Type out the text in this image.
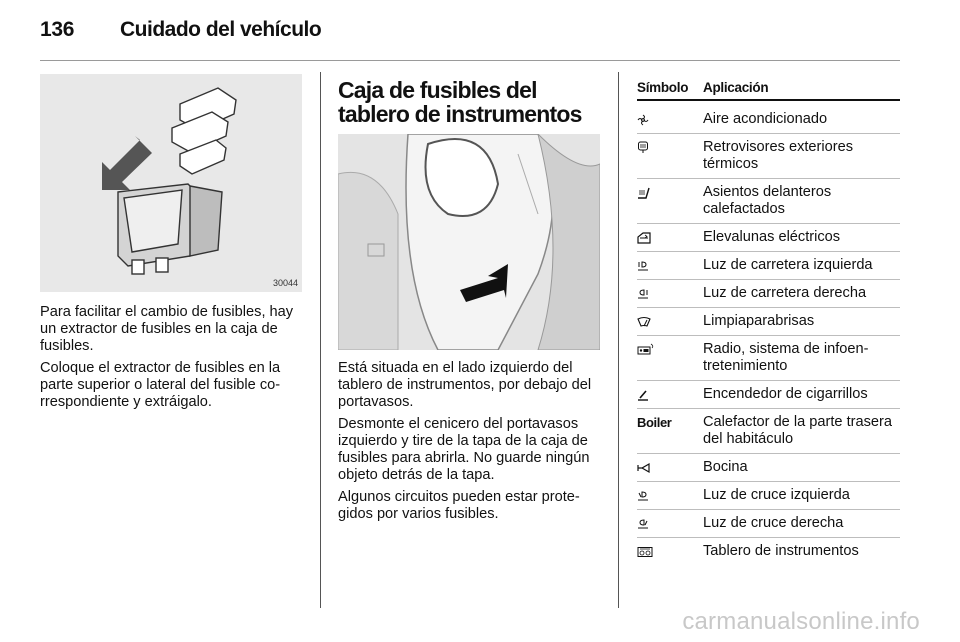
136 Cuidado del vehículo
30044

Para facilitar el cambio de fusibles, hay un extractor de fusibles en la caja de fusibles.

Coloque el extractor de fusibles en la parte superior o lateral del fusible co-rrespondiente y extráigalo.

Caja de fusibles del tablero de instrumentos

Está situada en el lado izquierdo del tablero de instrumentos, por debajo del portavasos.

Desmonte el cenicero del portavasos izquierdo y tire de la tapa de la caja de fusibles para abrirla. No guarde ningún objeto detrás de la tapa.

Algunos circuitos pueden estar prote-gidos por varios fusibles.

Símbolo	Aplicación
Aire acondicionado
Retrovisores exteriores térmicos
Asientos delanteros calefactados
Elevalunas eléctricos
Luz de carretera izquierda
Luz de carretera derecha
Limpiaparabrisas
Radio, sistema de infoen-tretenimiento
Encendedor de cigarrillos
Boiler	Calefactor de la parte trasera del habitáculo
Bocina
Luz de cruce izquierda
Luz de cruce derecha
Tablero de instrumentos
carmanualsonline.info
